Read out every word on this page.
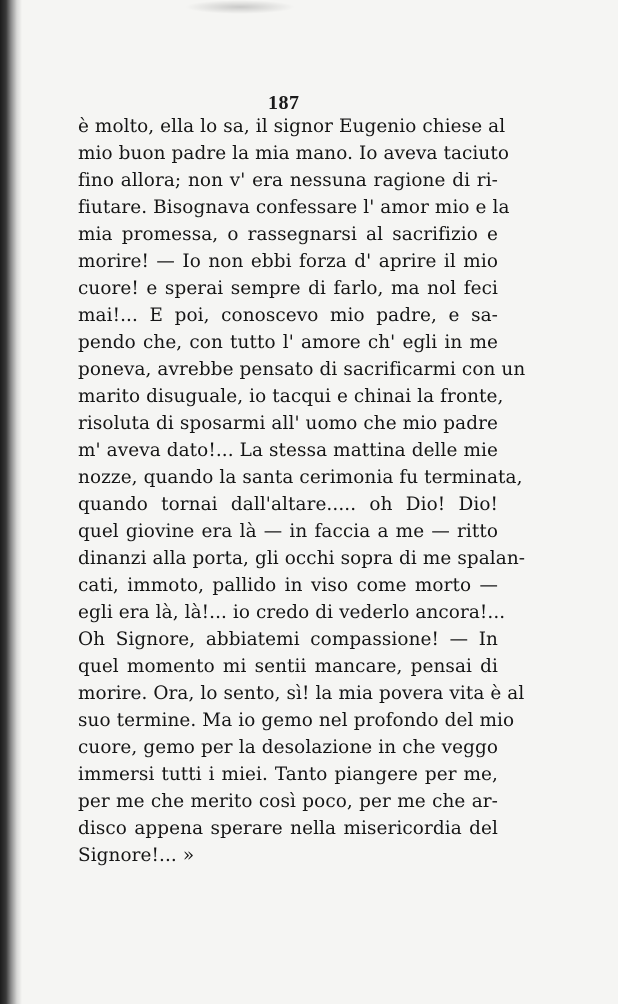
187
è molto, ella lo sa, il signor Eugenio chiese al
mio buon padre la mia mano. Io aveva taciuto
fino allora; non v' era nessuna ragione di ri-
fiutare. Bisognava confessare l' amor mio e la
mia promessa, o rassegnarsi al sacrifizio e
morire! — Io non ebbi forza d' aprire il mio
cuore! e sperai sempre di farlo, ma nol feci
mai!... E poi, conoscevo mio padre, e sa-
pendo che, con tutto l' amore ch' egli in me
poneva, avrebbe pensato di sacrificarmi con un
marito disuguale, io tacqui e chinai la fronte,
risoluta di sposarmi all' uomo che mio padre
m' aveva dato!... La stessa mattina delle mie
nozze, quando la santa cerimonia fu terminata,
quando tornai dall'altare..... oh Dio! Dio!
quel giovine era là — in faccia a me — ritto
dinanzi alla porta, gli occhi sopra di me spalan-
cati, immoto, pallido in viso come morto —
egli era là, là!... io credo di vederlo ancora!...
Oh Signore, abbiatemi compassione! — In
quel momento mi sentii mancare, pensai di
morire. Ora, lo sento, sì! la mia povera vita è al
suo termine. Ma io gemo nel profondo del mio
cuore, gemo per la desolazione in che veggo
immersi tutti i miei. Tanto piangere per me,
per me che merito così poco, per me che ar-
disco appena sperare nella misericordia del
Signore!... »
